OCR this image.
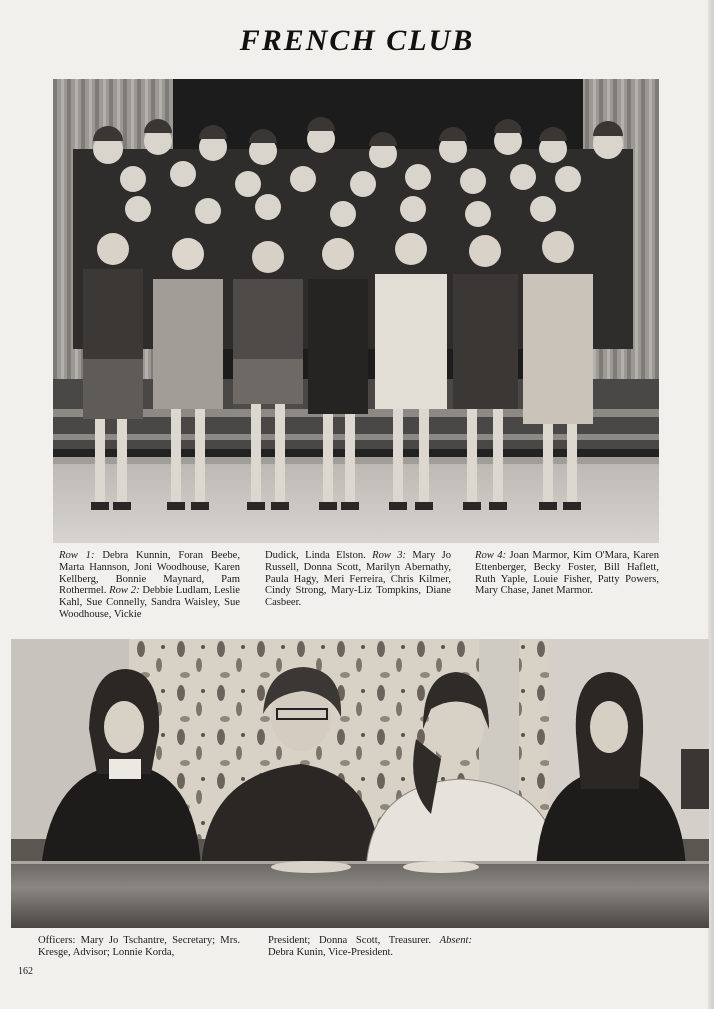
FRENCH CLUB
Row 1: Debra Kunnin, Foran Beebe, Marta Hannson, Joni Woodhouse, Karen Kellberg, Bonnie Maynard, Pam Rothermel. Row 2: Debbie Ludlam, Leslie Kahl, Sue Connelly, Sandra Waisley, Sue Woodhouse, Vickie
Dudick, Linda Elston. Row 3: Mary Jo Russell, Donna Scott, Marilyn Abernathy, Paula Hagy, Meri Ferreira, Chris Kilmer, Cindy Strong, Mary-Liz Tompkins, Diane Casbeer.
Row 4: Joan Marmor, Kim O'Mara, Karen Ettenberger, Becky Foster, Bill Haflett, Ruth Yaple, Louie Fisher, Patty Powers, Mary Chase, Janet Marmor.
Officers: Mary Jo Tschantre, Secretary; Mrs. Kresge, Advisor; Lonnie Korda,
President; Donna Scott, Treasurer. Absent: Debra Kunin, Vice-President.
162
